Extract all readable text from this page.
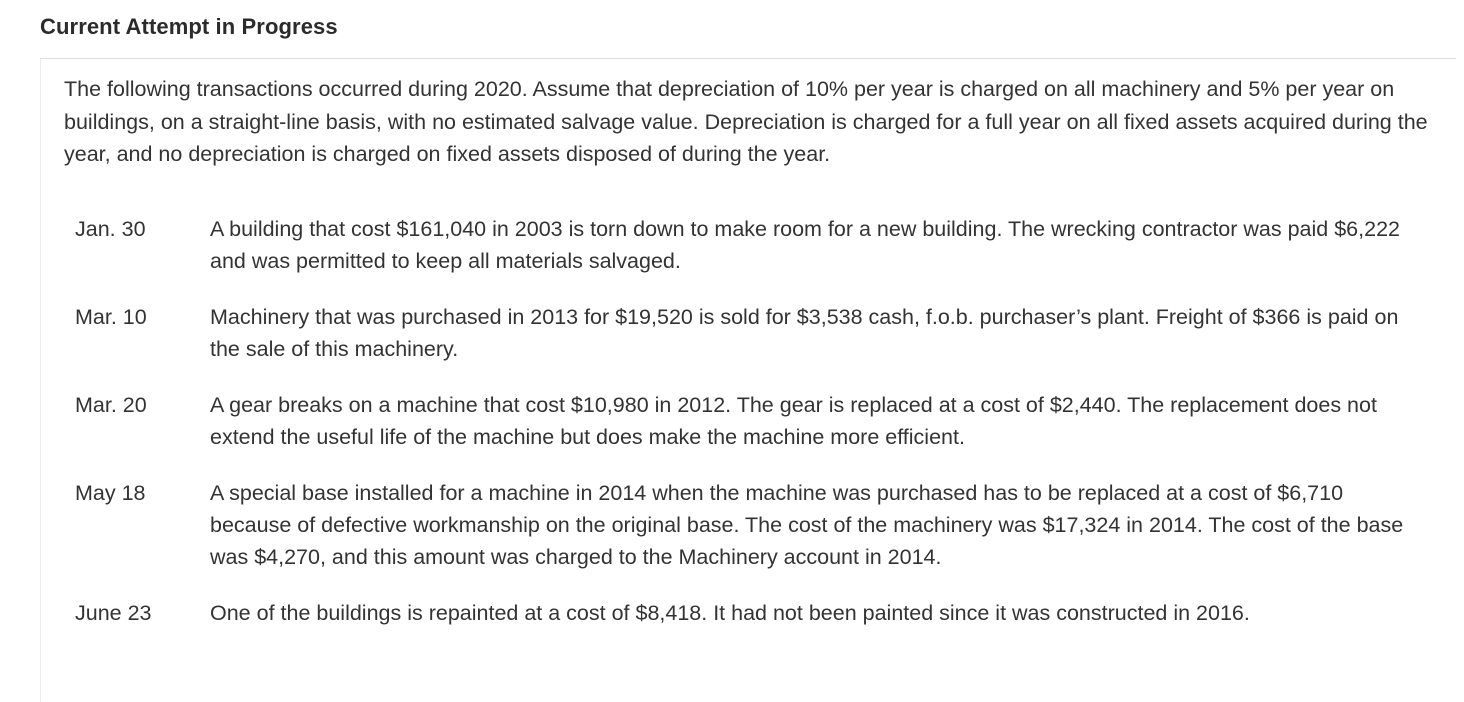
Current Attempt in Progress
The following transactions occurred during 2020. Assume that depreciation of 10% per year is charged on all machinery and 5% per year on buildings, on a straight-line basis, with no estimated salvage value. Depreciation is charged for a full year on all fixed assets acquired during the year, and no depreciation is charged on fixed assets disposed of during the year.
Jan. 30	A building that cost $161,040 in 2003 is torn down to make room for a new building. The wrecking contractor was paid $6,222 and was permitted to keep all materials salvaged.
Mar. 10	Machinery that was purchased in 2013 for $19,520 is sold for $3,538 cash, f.o.b. purchaser’s plant. Freight of $366 is paid on the sale of this machinery.
Mar. 20	A gear breaks on a machine that cost $10,980 in 2012. The gear is replaced at a cost of $2,440. The replacement does not extend the useful life of the machine but does make the machine more efficient.
May 18	A special base installed for a machine in 2014 when the machine was purchased has to be replaced at a cost of $6,710 because of defective workmanship on the original base. The cost of the machinery was $17,324 in 2014. The cost of the base was $4,270, and this amount was charged to the Machinery account in 2014.
June 23	One of the buildings is repainted at a cost of $8,418. It had not been painted since it was constructed in 2016.
